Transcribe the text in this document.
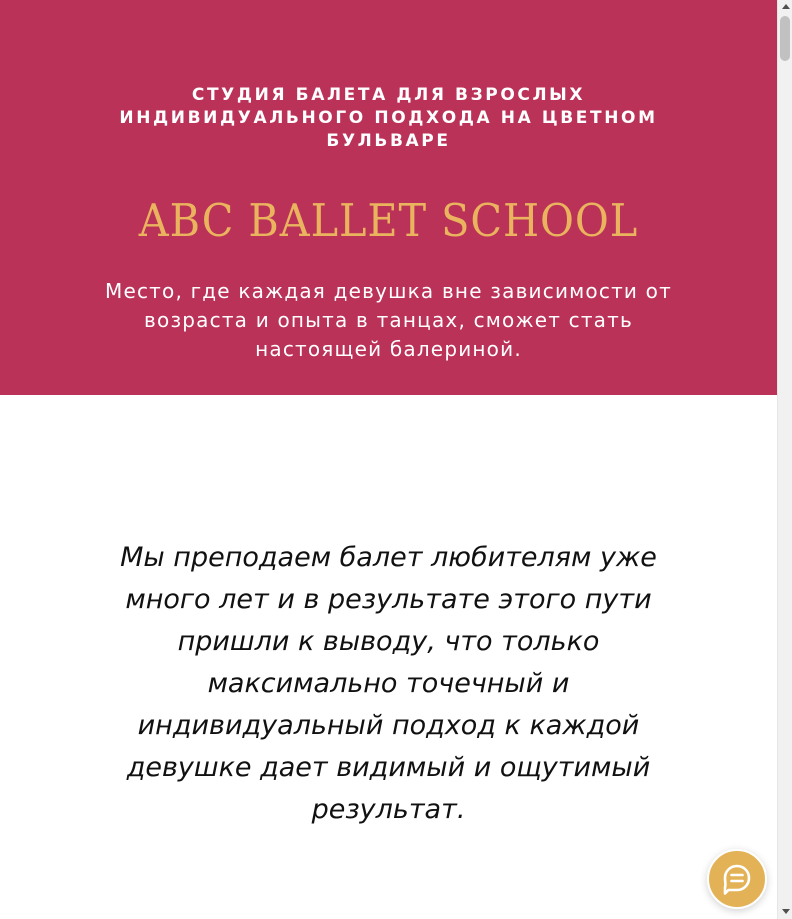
СТУДИЯ БАЛЕТА ДЛЯ ВЗРОСЛЫХ ИНДИВИДУАЛЬНОГО ПОДХОДА НА ЦВЕТНОМ БУЛЬВАРЕ
ABC BALLET SCHOOL
Место, где каждая девушка вне зависимости от возраста и опыта в танцах, сможет стать настоящей балериной.

Мы преподаем балет любителям уже много лет и в результате этого пути пришли к выводу, что только максимально точечный и индивидуальный подход к каждой девушке дает видимый и ощутимый результат.
